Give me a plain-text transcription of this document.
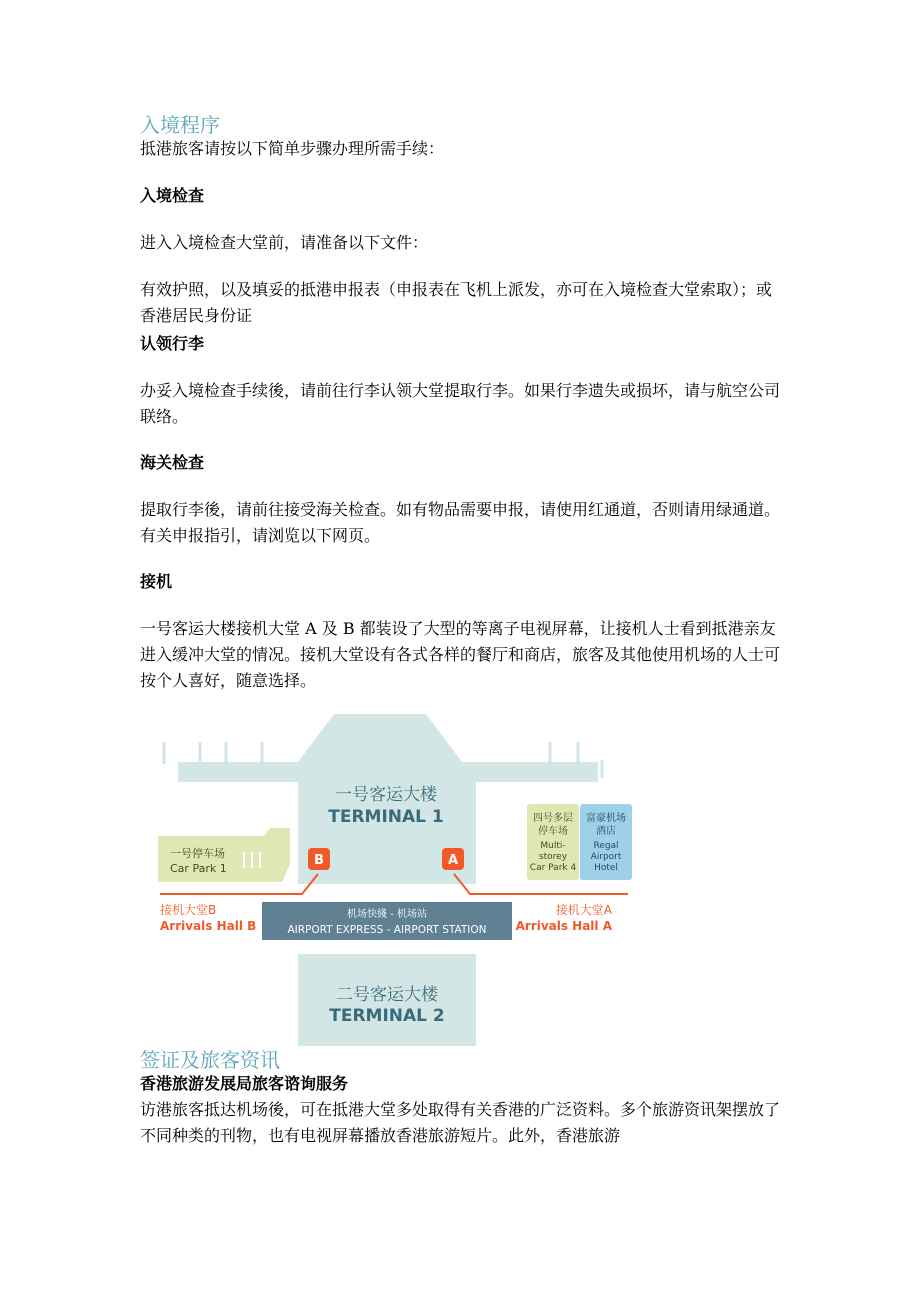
入境程序
抵港旅客请按以下简单步骤办理所需手续：
入境检查
进入入境检查大堂前，请准备以下文件：
有效护照，以及填妥的抵港申报表（申报表在飞机上派发，亦可在入境检查大堂索取）；或香港居民身份证
认领行李
办妥入境检查手续後，请前往行李认领大堂提取行李。如果行李遗失或损坏，请与航空公司联络。
海关检查
提取行李後，请前往接受海关检查。如有物品需要申报，请使用红通道，否则请用绿通道。有关申报指引，请浏览以下网页。
接机
一号客运大楼接机大堂 A 及 B 都装设了大型的等离子电视屏幕，让接机人士看到抵港亲友进入缓冲大堂的情况。接机大堂设有各式各样的餐厅和商店，旅客及其他使用机场的人士可按个人喜好，随意选择。
签证及旅客资讯
香港旅游发展局旅客谘询服务
访港旅客抵达机场後，可在抵港大堂多处取得有关香港的广泛资料。多个旅游资讯架摆放了不同种类的刊物，也有电视屏幕播放香港旅游短片。此外，香港旅游
一号客运大楼
TERMINAL 1
一号停车场
Car Park 1
四号多层
停车场
Multi-
storey
Car Park 4
富豪机场
酒店
Regal
Airport
Hotel
B	A
接机大堂B
Arrivals Hall B
接机大堂A
Arrivals Hall A
机场快綫 - 机场站
AIRPORT EXPRESS - AIRPORT STATION
二号客运大楼
TERMINAL 2
